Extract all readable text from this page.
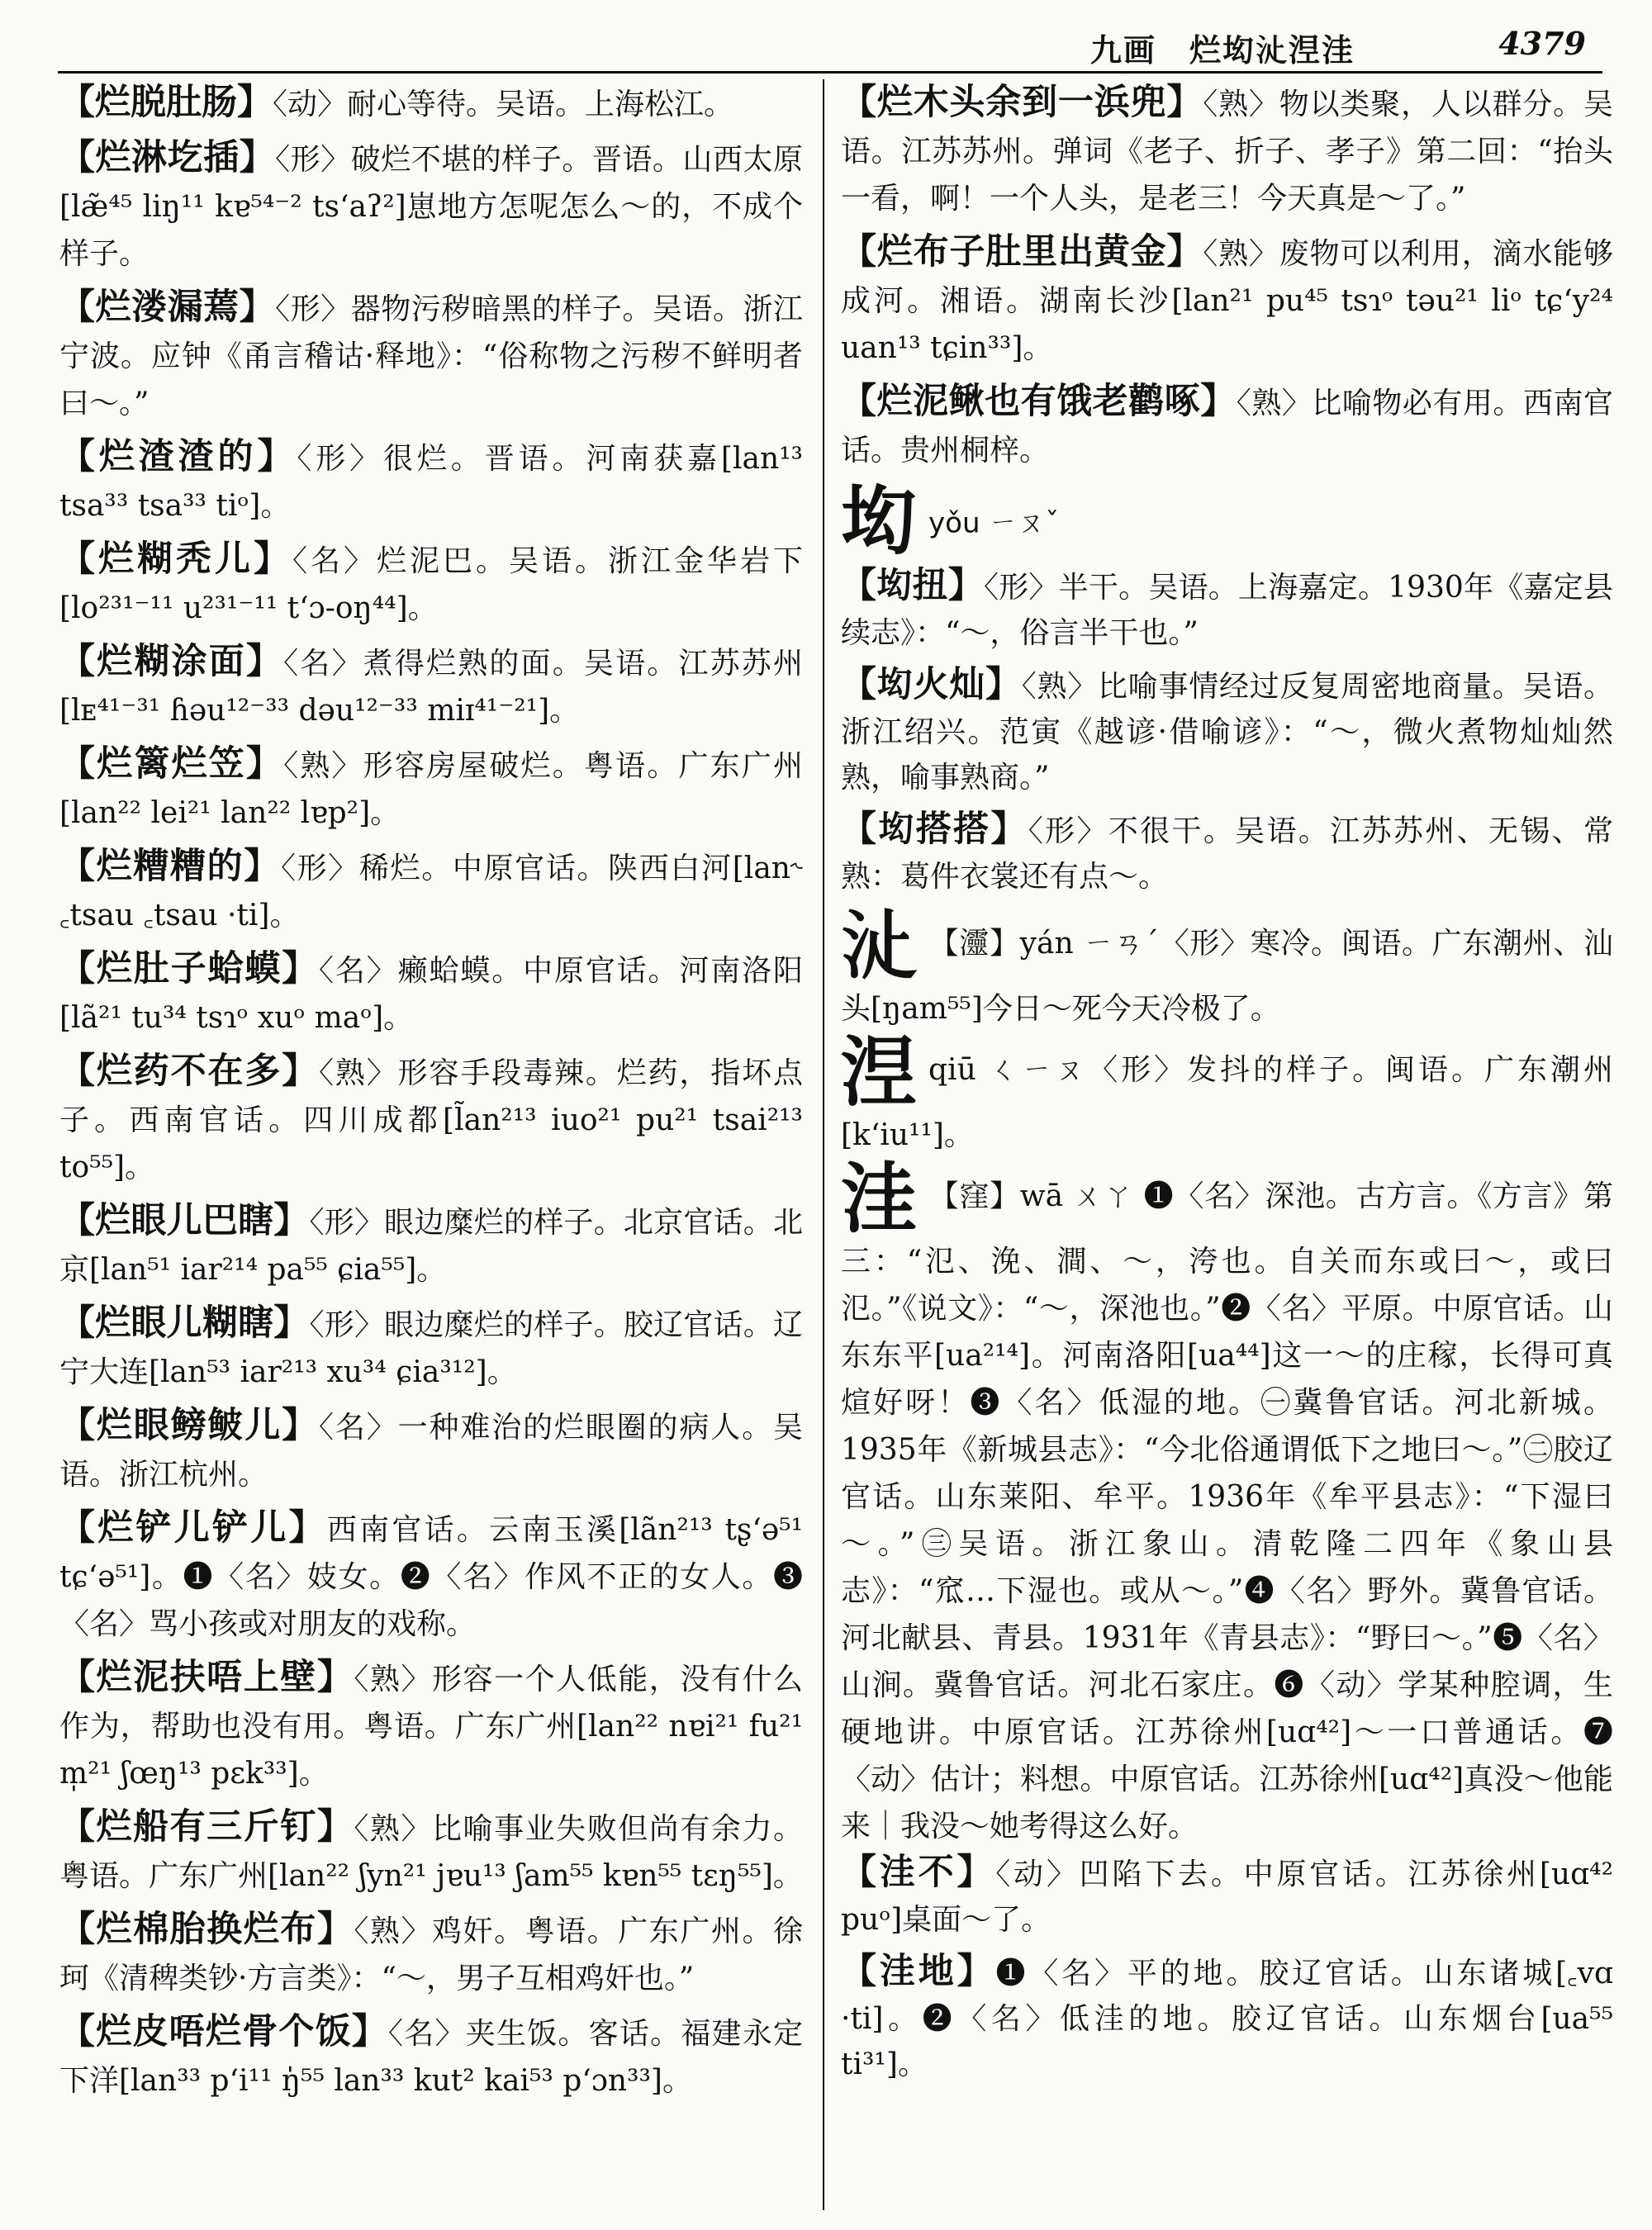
九画　烂㘭𣲓𣵀洼	4379
【烂脱肚肠】〈动〉耐心等待。吴语。上海松江。
【烂淋圪插】〈形〉破烂不堪的样子。晋语。山西太原[læ̃⁴⁵ liŋ¹¹ kɐ⁵⁴⁻² ts‘aʔ²]崽地方怎呢怎么～的，不成个样子。
【烂溇漏蔫】〈形〉器物污秽暗黑的样子。吴语。浙江宁波。应钟《甬言稽诂·释地》：“俗称物之污秽不鲜明者曰～。”
【烂渣渣的】〈形〉很烂。晋语。河南获嘉[lan¹³ tsa³³ tsa³³ tiᵒ]。
【烂糊秃儿】〈名〉烂泥巴。吴语。浙江金华岩下[lo²³¹⁻¹¹ u²³¹⁻¹¹ t‘ɔ-oŋ⁴⁴]。
【烂糊涂面】〈名〉煮得烂熟的面。吴语。江苏苏州[lᴇ⁴¹⁻³¹ ɦəu¹²⁻³³ dəu¹²⁻³³ miɪ⁴¹⁻²¹]。
【烂篱烂笠】〈熟〉形容房屋破烂。粤语。广东广州[lan²² lei²¹ lan²² lɐp²]。
【烂糟糟的】〈形〉稀烂。中原官话。陕西白河[lan˞ ꜀tsau ꜀tsau ·ti]。
【烂肚子蛤蟆】〈名〉癞蛤蟆。中原官话。河南洛阳[lã²¹ tu³⁴ tsɿᵒ xuᵒ maᵒ]。
【烂药不在多】〈熟〉形容手段毒辣。烂药，指坏点子。西南官话。四川成都[l̃an²¹³ iuo²¹ pu²¹ tsai²¹³ to⁵⁵]。
【烂眼儿巴瞎】〈形〉眼边糜烂的样子。北京官话。北京[lan⁵¹ iar²¹⁴ pa⁵⁵ ɕia⁵⁵]。
【烂眼儿糊瞎】〈形〉眼边糜烂的样子。胶辽官话。辽宁大连[lan⁵³ iar²¹³ xu³⁴ ɕia³¹²]。
【烂眼鳑鲏儿】〈名〉一种难治的烂眼圈的病人。吴语。浙江杭州。
【烂铲儿铲儿】西南官话。云南玉溪[lãn²¹³ tʂ‘ə⁵¹ tɕ‘ə⁵¹]。❶〈名〉妓女。❷〈名〉作风不正的女人。❸〈名〉骂小孩或对朋友的戏称。
【烂泥扶唔上壁】〈熟〉形容一个人低能，没有什么作为，帮助也没有用。粤语。广东广州[lan²² nɐi²¹ fu²¹ m̩²¹ ʃœŋ¹³ pɛk³³]。
【烂船有三斤钉】〈熟〉比喻事业失败但尚有余力。粤语。广东广州[lan²² ʃyn²¹ jɐu¹³ ʃam⁵⁵ kɐn⁵⁵ tɛŋ⁵⁵]。
【烂棉胎换烂布】〈熟〉鸡奸。粤语。广东广州。徐珂《清稗类钞·方言类》：“～，男子互相鸡奸也。”
【烂皮唔烂骨个饭】〈名〉夹生饭。客话。福建永定下洋[lan³³ p‘i¹¹ ŋ̍⁵⁵ lan³³ kut² kai⁵³ p‘ɔn³³]。
【烂木头余到一浜兜】〈熟〉物以类聚，人以群分。吴语。江苏苏州。弹词《老子、折子、孝子》第二回：“抬头一看，啊！一个人头，是老三！今天真是～了。”
【烂布子肚里出黄金】〈熟〉废物可以利用，滴水能够成河。湘语。湖南长沙[lan²¹ pu⁴⁵ tsɿᵒ təu²¹ liᵒ tɕ‘y²⁴ uan¹³ tɕin³³]。
【烂泥鳅也有饿老鹳啄】〈熟〉比喻物必有用。西南官话。贵州桐梓。
㘭yǒu ㄧㄡˇ
【㘭扭】〈形〉半干。吴语。上海嘉定。1930年《嘉定县续志》：“～，俗言半干也。”
【㘭火灿】〈熟〉比喻事情经过反复周密地商量。吴语。浙江绍兴。范寅《越谚·借喻谚》：“～，微火煮物灿灿然熟，喻事熟商。”
【㘭搭搭】〈形〉不很干。吴语。江苏苏州、无锡、常熟：葛件衣裳还有点～。
𣲓 【𤅷】yán ㄧㄢˊ〈形〉寒冷。闽语。广东潮州、汕头[ŋam⁵⁵]今日～死今天冷极了。
𣵀qiū ㄑㄧㄡ〈形〉发抖的样子。闽语。广东潮州[k‘iu¹¹]。
洼 【窪】wā ㄨㄚ ❶〈名〉深池。古方言。《方言》第三：“氾、浼、澗、～，洿也。自关而东或曰～，或曰氾。”《说文》：“～，深池也。”❷〈名〉平原。中原官话。山东东平[ua²¹⁴]。河南洛阳[ua⁴⁴]这一～的庄稼，长得可真煊好呀！❸〈名〉低湿的地。㊀冀鲁官话。河北新城。1935年《新城县志》：“今北俗通谓低下之地曰～。”㊁胶辽官话。山东莱阳、牟平。1936年《牟平县志》：“下湿曰～。”㊂吴语。浙江象山。清乾隆二四年《象山县志》：“窊…下湿也。或从～。”❹〈名〉野外。冀鲁官话。河北献县、青县。1931年《青县志》：“野曰～。”❺〈名〉山涧。冀鲁官话。河北石家庄。❻〈动〉学某种腔调，生硬地讲。中原官话。江苏徐州[uɑ⁴²]～一口普通话。❼〈动〉估计；料想。中原官话。江苏徐州[uɑ⁴²]真没～他能来｜我没～她考得这么好。
【洼不】〈动〉凹陷下去。中原官话。江苏徐州[uɑ⁴² puᵒ]桌面～了。
【洼地】❶〈名〉平的地。胶辽官话。山东诸城[꜀vɑ ·ti]。❷〈名〉低洼的地。胶辽官话。山东烟台[ua⁵⁵ ti³¹]。
